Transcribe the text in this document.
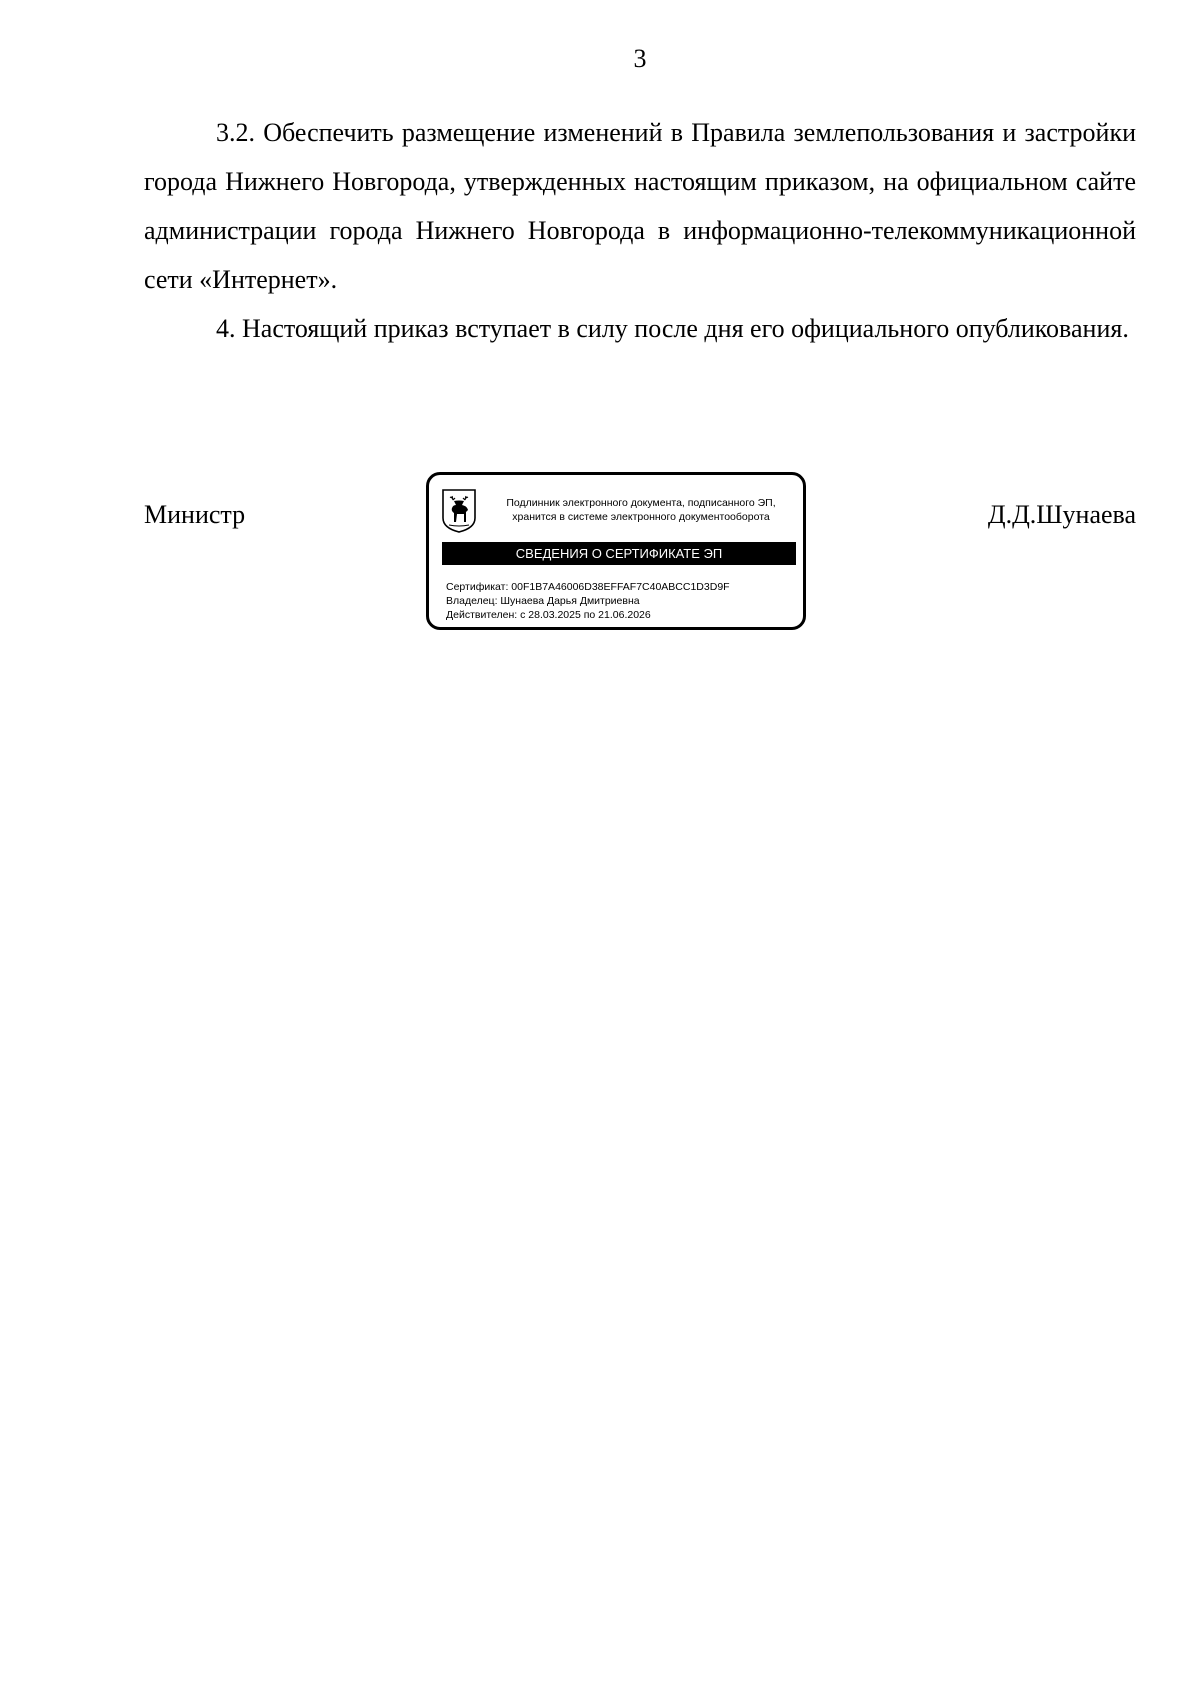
3

3.2. Обеспечить размещение изменений в Правила землепользования и застройки города Нижнего Новгорода, утвержденных настоящим приказом, на официальном сайте администрации города Нижнего Новгорода в информационно-телекоммуникационной сети «Интернет».

4. Настоящий приказ вступает в силу после дня его официального опубликования.

Министр	Д.Д.Шунаева
Подлинник электронного документа, подписанного ЭП,
хранится в системе электронного документооборота
СВЕДЕНИЯ О СЕРТИФИКАТЕ ЭП
Сертификат: 00F1B7A46006D38EFFAF7C40ABCC1D3D9F
Владелец: Шунаева Дарья Дмитриевна
Действителен: с 28.03.2025 по 21.06.2026
